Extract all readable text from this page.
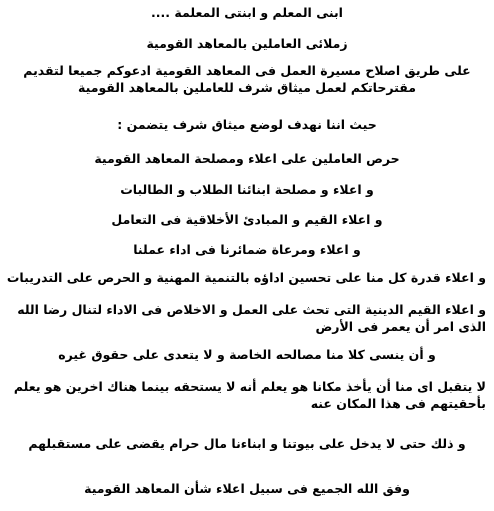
ابنى المعلم و ابنتى المعلمة ....
زملائى العاملين بالمعاهد القومية
على طريق اصلاح مسيرة العمل فى المعاهد القومية ادعوكم جميعا لتقديم مقترحاتكم لعمل ميثاق شرف للعاملين بالمعاهد القومية
حيث اننا نهدف لوضع ميثاق شرف يتضمن :
حرص العاملين على اعلاء ومصلحة المعاهد القومية
و اعلاء و مصلحة ابنائنا الطلاب و الطالبات
و اعلاء القيم و المبادئ الأخلاقية فى التعامل
و اعلاء ومرعاة ضمائرنا فى اداء عملنا
و اعلاء قدرة كل منا على تحسين اداؤه بالتنمية المهنية و الحرص على التدريبات
و اعلاء القيم الدينية التى تحث على العمل و الاخلاص فى الاداء لتنال رضا الله الذى امر أن يعمر فى الأرض
و أن ينسى كلا منا مصالحه الخاصة و لا يتعدى على حقوق غيره
لا يتقبل اى منا أن يأخذ مكانا هو يعلم أنه لا يستحقه بينما هناك اخرين هو يعلم بأحقيتهم فى هذا المكان عنه
و ذلك حتى لا يدخل على بيوتنا و ابناءنا مال حرام يقضى على مستقبلهم
وفق الله الجميع فى سبيل اعلاء شأن المعاهد القومية
